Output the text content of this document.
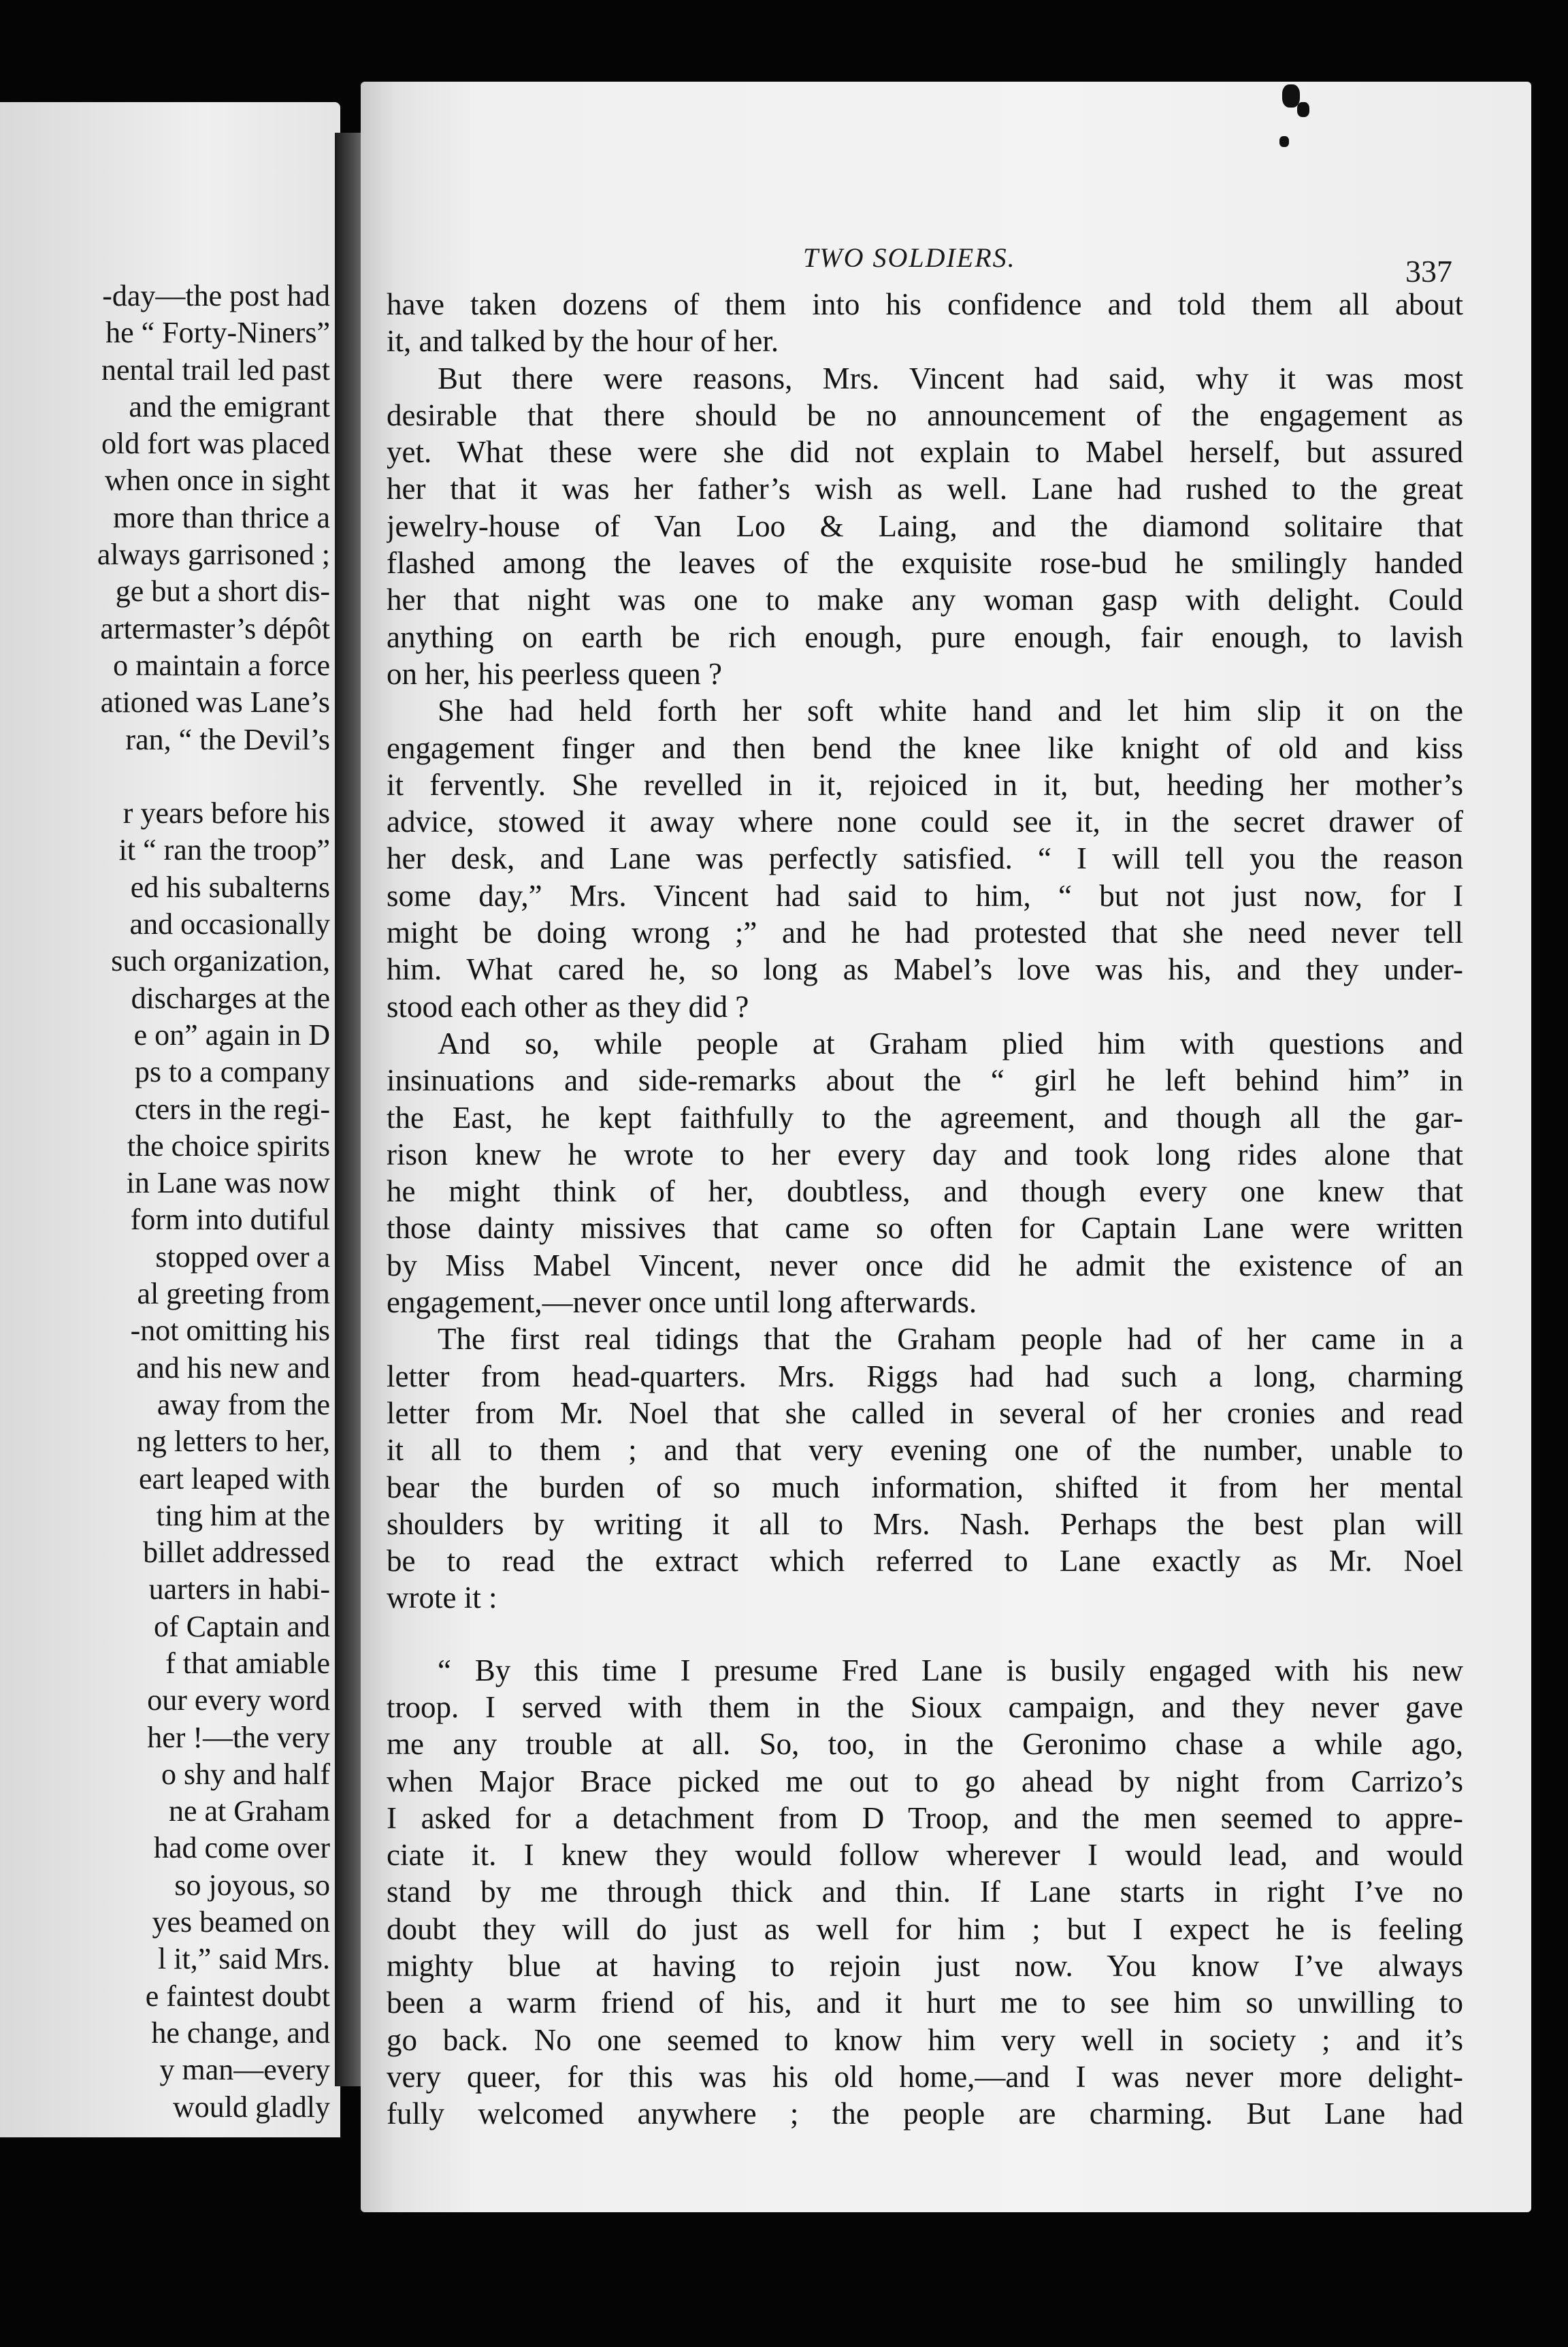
-day—the post had
he “ Forty-Niners”
nental trail led past
and the emigrant
old fort was placed
when once in sight
more than thrice a
always garrisoned ;
ge but a short dis-
artermaster’s dépôt
o maintain a force
ationed was Lane’s
ran, “ the Devil’s
r years before his
it “ ran the troop”
ed his subalterns
and occasionally
such organization,
discharges at the
e on” again in D
ps to a company
cters in the regi-
the choice spirits
in Lane was now
form into dutiful
stopped over a
al greeting from
-not omitting his
and his new and
away from the
ng letters to her,
eart leaped with
ting him at the
billet addressed
uarters in habi-
of Captain and
f that amiable
our every word
her !—the very
o shy and half
ne at Graham
had come over
so joyous, so
yes beamed on
l it,” said Mrs.
e faintest doubt
he change, and
y man—every
would gladly
TWO SOLDIERS.	337
have taken dozens of them into his confidence and told them all about
it, and talked by the hour of her.
But there were reasons, Mrs. Vincent had said, why it was most
desirable that there should be no announcement of the engagement as
yet. What these were she did not explain to Mabel herself, but assured
her that it was her father’s wish as well. Lane had rushed to the great
jewelry-house of Van Loo & Laing, and the diamond solitaire that
flashed among the leaves of the exquisite rose-bud he smilingly handed
her that night was one to make any woman gasp with delight. Could
anything on earth be rich enough, pure enough, fair enough, to lavish
on her, his peerless queen ?
She had held forth her soft white hand and let him slip it on the
engagement finger and then bend the knee like knight of old and kiss
it fervently. She revelled in it, rejoiced in it, but, heeding her mother’s
advice, stowed it away where none could see it, in the secret drawer of
her desk, and Lane was perfectly satisfied. “ I will tell you the reason
some day,” Mrs. Vincent had said to him, “ but not just now, for I
might be doing wrong ;” and he had protested that she need never tell
him. What cared he, so long as Mabel’s love was his, and they under-
stood each other as they did ?
And so, while people at Graham plied him with questions and
insinuations and side-remarks about the “ girl he left behind him” in
the East, he kept faithfully to the agreement, and though all the gar-
rison knew he wrote to her every day and took long rides alone that
he might think of her, doubtless, and though every one knew that
those dainty missives that came so often for Captain Lane were written
by Miss Mabel Vincent, never once did he admit the existence of an
engagement,—never once until long afterwards.
The first real tidings that the Graham people had of her came in a
letter from head-quarters. Mrs. Riggs had had such a long, charming
letter from Mr. Noel that she called in several of her cronies and read
it all to them ; and that very evening one of the number, unable to
bear the burden of so much information, shifted it from her mental
shoulders by writing it all to Mrs. Nash. Perhaps the best plan will
be to read the extract which referred to Lane exactly as Mr. Noel
wrote it :
“ By this time I presume Fred Lane is busily engaged with his new
troop. I served with them in the Sioux campaign, and they never gave
me any trouble at all. So, too, in the Geronimo chase a while ago,
when Major Brace picked me out to go ahead by night from Carrizo’s
I asked for a detachment from D Troop, and the men seemed to appre-
ciate it. I knew they would follow wherever I would lead, and would
stand by me through thick and thin. If Lane starts in right I’ve no
doubt they will do just as well for him ; but I expect he is feeling
mighty blue at having to rejoin just now. You know I’ve always
been a warm friend of his, and it hurt me to see him so unwilling to
go back. No one seemed to know him very well in society ; and it’s
very queer, for this was his old home,—and I was never more delight-
fully welcomed anywhere ; the people are charming. But Lane had
